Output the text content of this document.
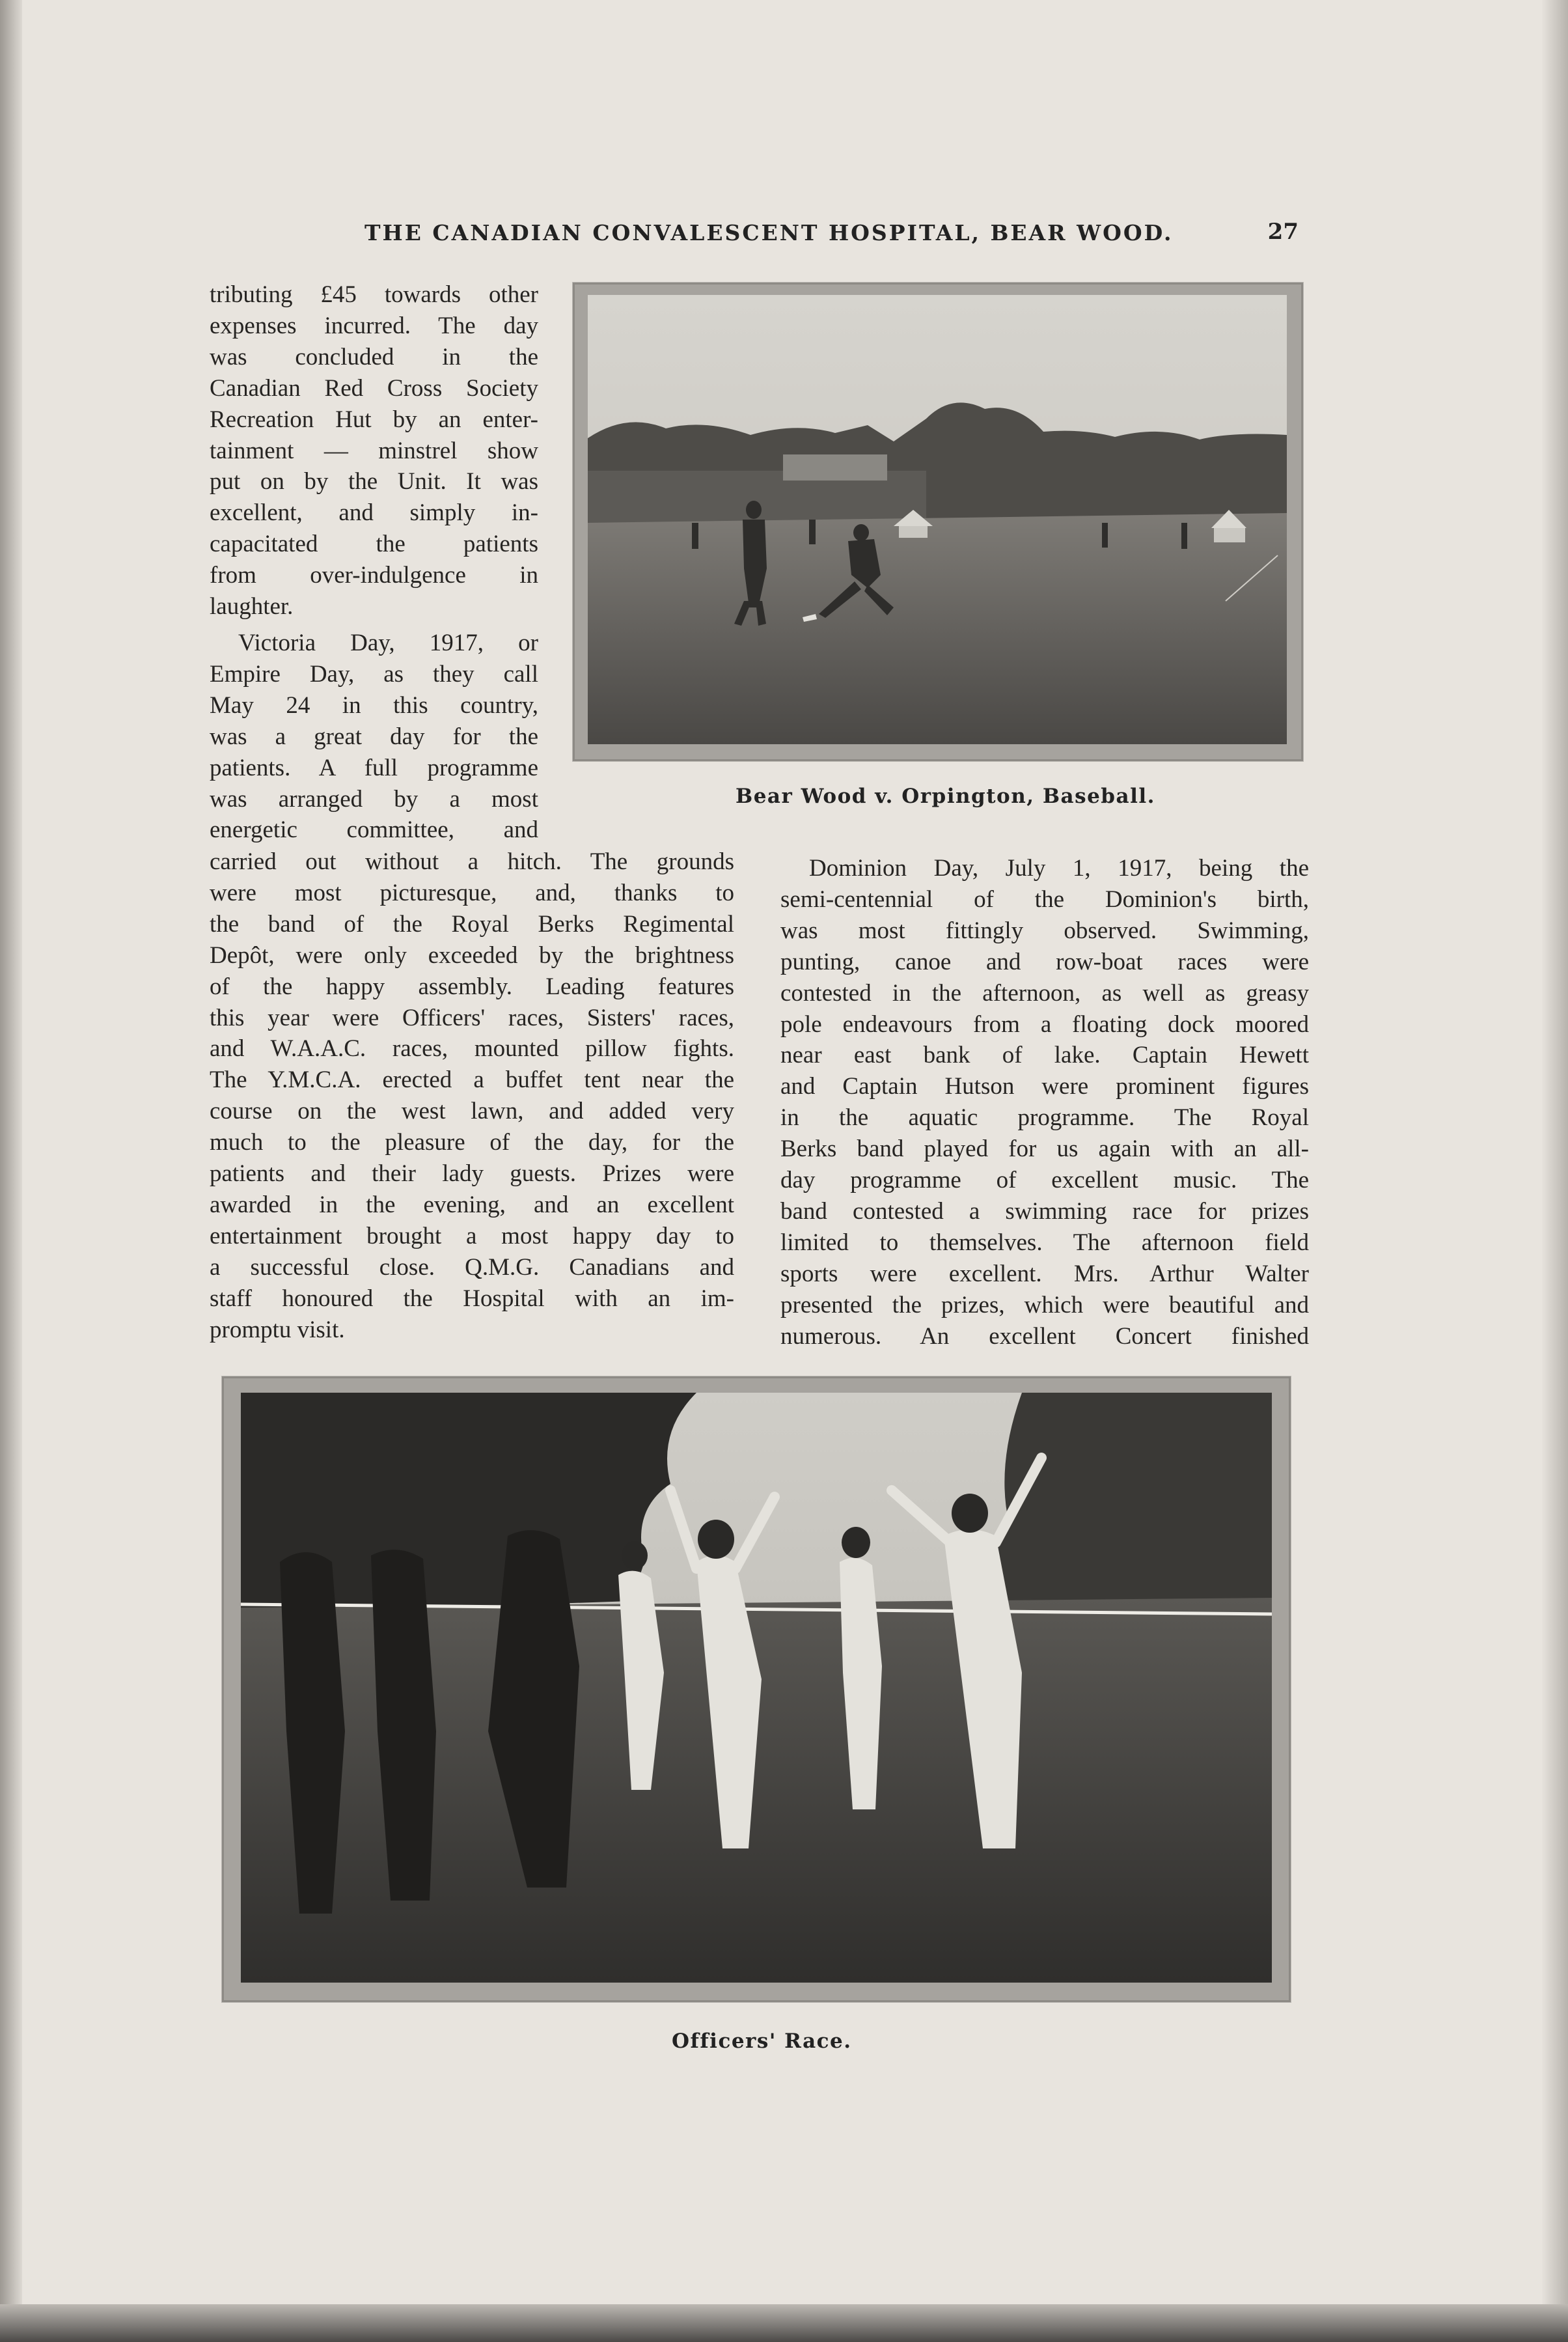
THE CANADIAN CONVALESCENT HOSPITAL, BEAR WOOD.	27
tributing £45 towards other
expenses incurred. The day
was concluded in the
Canadian Red Cross Society
Recreation Hut by an enter-
tainment — minstrel show
put on by the Unit. It was
excellent, and simply in-
capacitated the patients
from over-indulgence in
laughter.
Victoria Day, 1917, or
Empire Day, as they call
May 24 in this country,
was a great day for the
patients. A full programme
was arranged by a most
energetic committee, and
carried out without a hitch. The grounds
were most picturesque, and, thanks to
the band of the Royal Berks Regimental
Depôt, were only exceeded by the brightness
of the happy assembly. Leading features
this year were Officers' races, Sisters' races,
and W.A.A.C. races, mounted pillow fights.
The Y.M.C.A. erected a buffet tent near the
course on the west lawn, and added very
much to the pleasure of the day, for the
patients and their lady guests. Prizes were
awarded in the evening, and an excellent
entertainment brought a most happy day to
a successful close. Q.M.G. Canadians and
staff honoured the Hospital with an im-
promptu visit.
Dominion Day, July 1, 1917, being the
semi-centennial of the Dominion's birth,
was most fittingly observed. Swimming,
punting, canoe and row-boat races were
contested in the afternoon, as well as greasy
pole endeavours from a floating dock moored
near east bank of lake. Captain Hewett
and Captain Hutson were prominent figures
in the aquatic programme. The Royal
Berks band played for us again with an all-
day programme of excellent music. The
band contested a swimming race for prizes
limited to themselves. The afternoon field
sports were excellent. Mrs. Arthur Walter
presented the prizes, which were beautiful and
numerous. An excellent Concert finished
Bear Wood v. Orpington, Baseball.
Officers' Race.
